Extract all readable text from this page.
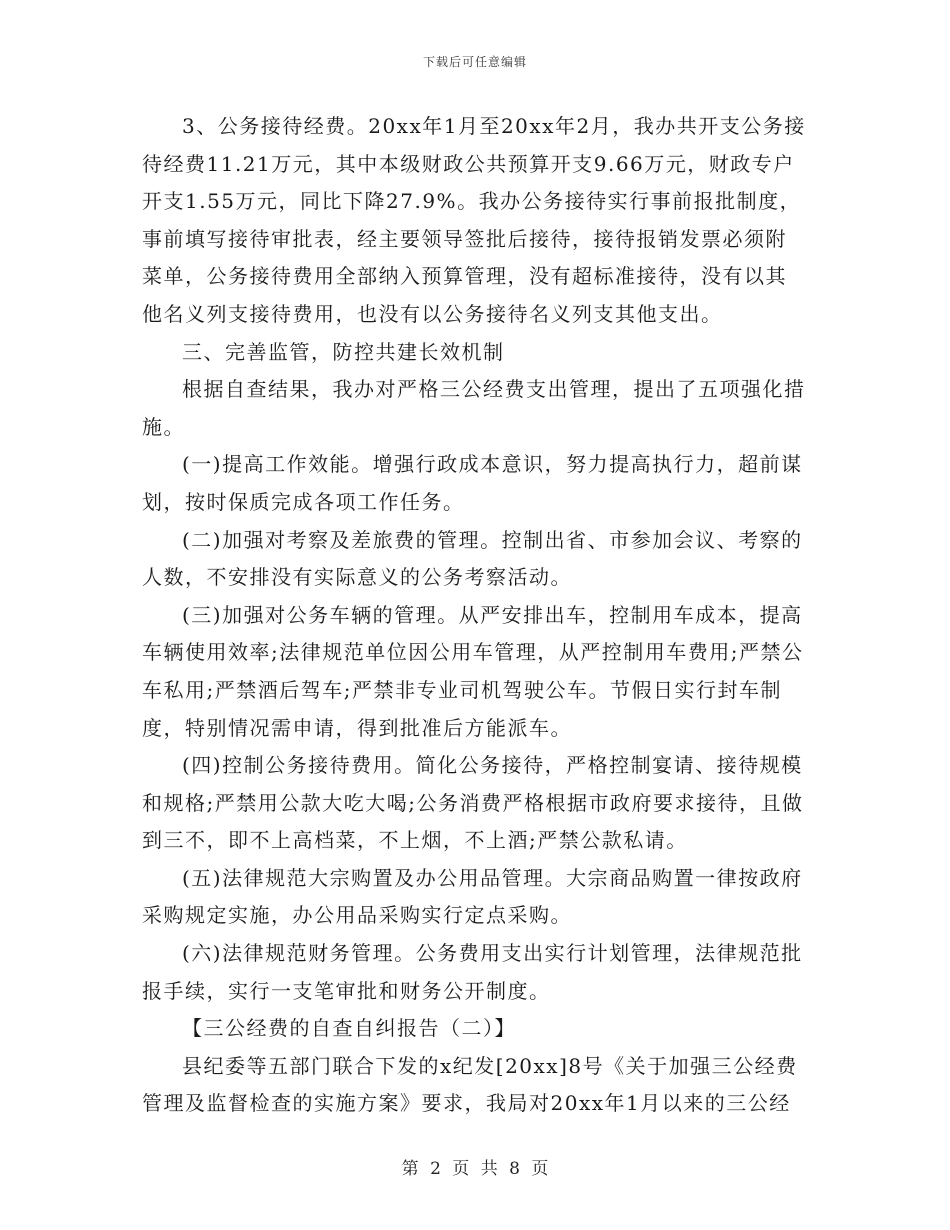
下载后可任意编辑

3、公务接待经费。20xx年1月至20xx年2月，我办共开支公务接待经费11.21万元，其中本级财政公共预算开支9.66万元，财政专户开支1.55万元，同比下降27.9%。我办公务接待实行事前报批制度，事前填写接待审批表，经主要领导签批后接待，接待报销发票必须附菜单，公务接待费用全部纳入预算管理，没有超标准接待，没有以其他名义列支接待费用，也没有以公务接待名义列支其他支出。

三、完善监管，防控共建长效机制

根据自查结果，我办对严格三公经费支出管理，提出了五项强化措施。

(一)提高工作效能。增强行政成本意识，努力提高执行力，超前谋划，按时保质完成各项工作任务。

(二)加强对考察及差旅费的管理。控制出省、市参加会议、考察的人数，不安排没有实际意义的公务考察活动。

(三)加强对公务车辆的管理。从严安排出车，控制用车成本，提高车辆使用效率;法律规范单位因公用车管理，从严控制用车费用;严禁公车私用;严禁酒后驾车;严禁非专业司机驾驶公车。节假日实行封车制度，特别情况需申请，得到批准后方能派车。

(四)控制公务接待费用。简化公务接待，严格控制宴请、接待规模和规格;严禁用公款大吃大喝;公务消费严格根据市政府要求接待，且做到三不，即不上高档菜，不上烟，不上酒;严禁公款私请。

(五)法律规范大宗购置及办公用品管理。大宗商品购置一律按政府采购规定实施，办公用品采购实行定点采购。

(六)法律规范财务管理。公务费用支出实行计划管理，法律规范批报手续，实行一支笔审批和财务公开制度。

【三公经费的自查自纠报告（二）】

县纪委等五部门联合下发的x纪发[20xx]8号《关于加强三公经费管理及监督检查的实施方案》要求，我局对20xx年1月以来的三公经

第 2 页 共 8 页
